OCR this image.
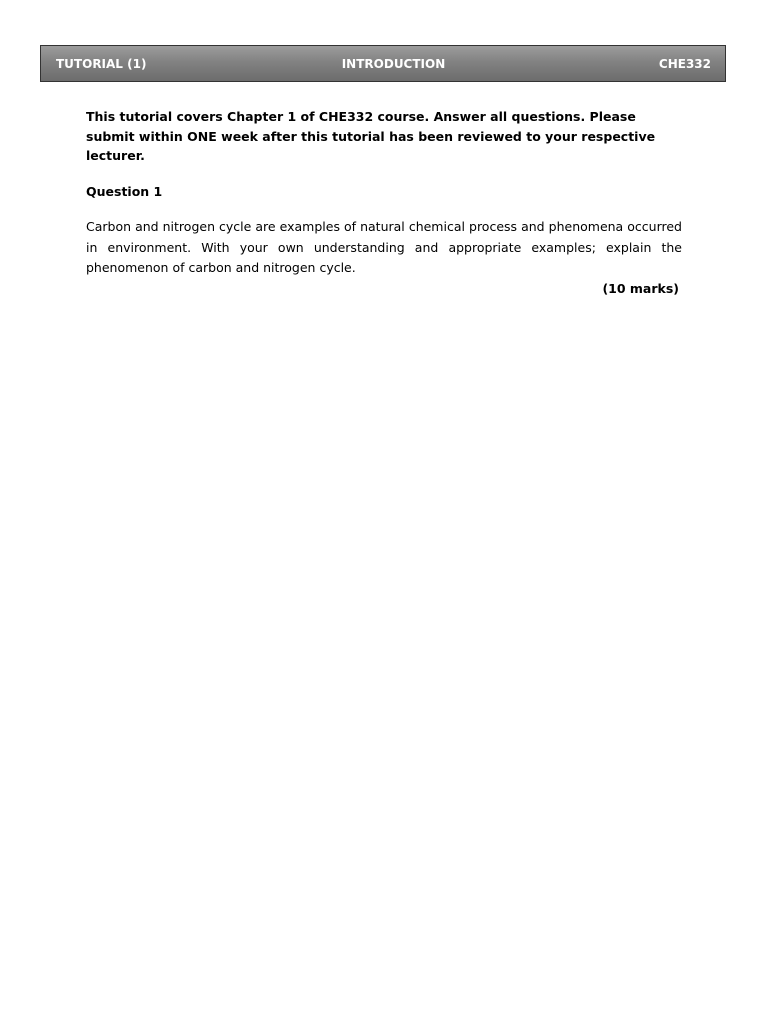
TUTORIAL (1)	INTRODUCTION	CHE332

This tutorial covers Chapter 1 of CHE332 course. Answer all questions. Please submit within ONE week after this tutorial has been reviewed to your respective lecturer.

Question 1

Carbon and nitrogen cycle are examples of natural chemical process and phenomena occurred in environment. With your own understanding and appropriate examples; explain the phenomenon of carbon and nitrogen cycle.

(10 marks)
